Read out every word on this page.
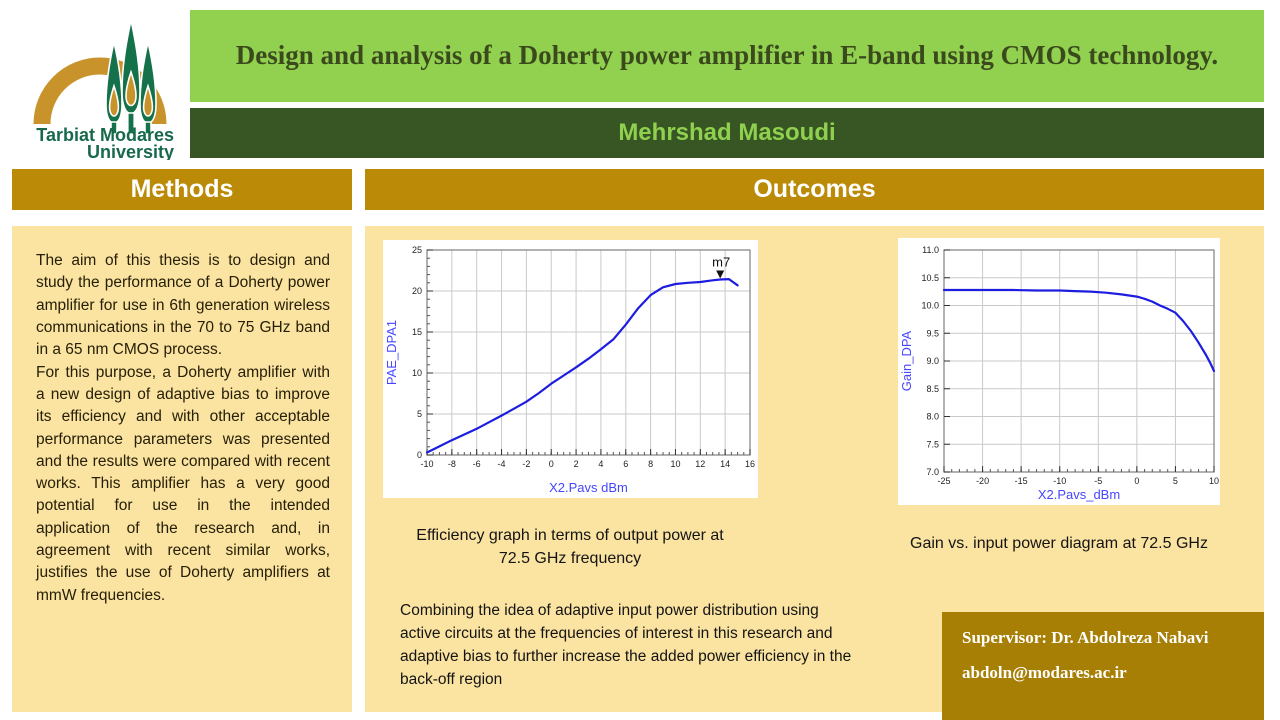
Tarbiat Modares
University
Design and analysis of a Doherty power amplifier in E-band using CMOS technology.
Mehrshad Masoudi
Methods	Outcomes

The aim of this thesis is to design and study the performance of a Doherty power amplifier for use in 6th generation wireless communications in the 70 to 75 GHz band in a 65 nm CMOS process.

For this purpose, a Doherty amplifier with a new design of adaptive bias to improve its efficiency and with other acceptable performance parameters was presented and the results were compared with recent works. This amplifier has a very good potential for use in the intended application of the research and, in agreement with recent similar works, justifies the use of Doherty amplifiers at mmW frequencies.

-10 -8 -6 -4 -2 0 2 4 6 8 10 12 14 16
0
5
10
15
20
25
m7
X2.Pavs dBm
PAE_DPA1
Efficiency graph in terms of output power at
72.5 GHz frequency
Combining the idea of adaptive input power distribution using active circuits at the frequencies of interest in this research and adaptive bias to further increase the added power efficiency in the back-off region
-25	-20	-15	-10	-5	0	5	10
7.0
7.5
8.0
8.5
9.0
9.5
10.0
10.5
11.0
X2.Pavs_dBm
Gain_DPA
Gain vs. input power diagram at 72.5 GHz
Supervisor: Dr. Abdolreza Nabavi
abdoln@modares.ac.ir
